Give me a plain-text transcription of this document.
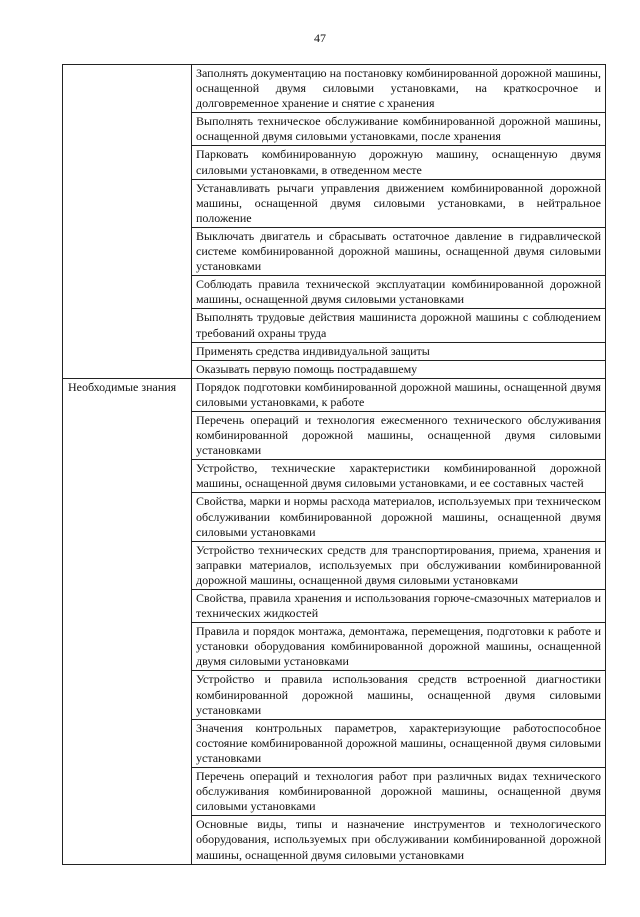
47
	Заполнять документацию на постановку комбинированной дорожной машины, оснащенной двумя силовыми установками, на краткосрочное и долговременное хранение и снятие с хранения
	Выполнять техническое обслуживание комбинированной дорожной машины, оснащенной двумя силовыми установками, после хранения
	Парковать комбинированную дорожную машину, оснащенную двумя силовыми установками, в отведенном месте
	Устанавливать рычаги управления движением комбинированной дорожной машины, оснащенной двумя силовыми установками, в нейтральное положение
	Выключать двигатель и сбрасывать остаточное давление в гидравлической системе комбинированной дорожной машины, оснащенной двумя силовыми установками
	Соблюдать правила технической эксплуатации комбинированной дорожной машины, оснащенной двумя силовыми установками
	Выполнять трудовые действия машиниста дорожной машины с соблюдением требований охраны труда
	Применять средства индивидуальной защиты
	Оказывать первую помощь пострадавшему
Необходимые знания	Порядок подготовки комбинированной дорожной машины, оснащенной двумя силовыми установками, к работе
	Перечень операций и технология ежесменного технического обслуживания комбинированной дорожной машины, оснащенной двумя силовыми установками
	Устройство, технические характеристики комбинированной дорожной машины, оснащенной двумя силовыми установками, и ее составных частей
	Свойства, марки и нормы расхода материалов, используемых при техническом обслуживании комбинированной дорожной машины, оснащенной двумя силовыми установками
	Устройство технических средств для транспортирования, приема, хранения и заправки материалов, используемых при обслуживании комбинированной дорожной машины, оснащенной двумя силовыми установками
	Свойства, правила хранения и использования горюче-смазочных материалов и технических жидкостей
	Правила и порядок монтажа, демонтажа, перемещения, подготовки к работе и установки оборудования комбинированной дорожной машины, оснащенной двумя силовыми установками
	Устройство и правила использования средств встроенной диагностики комбинированной дорожной машины, оснащенной двумя силовыми установками
	Значения контрольных параметров, характеризующие работоспособное состояние комбинированной дорожной машины, оснащенной двумя силовыми установками
	Перечень операций и технология работ при различных видах технического обслуживания комбинированной дорожной машины, оснащенной двумя силовыми установками
	Основные виды, типы и назначение инструментов и технологического оборудования, используемых при обслуживании комбинированной дорожной машины, оснащенной двумя силовыми установками
